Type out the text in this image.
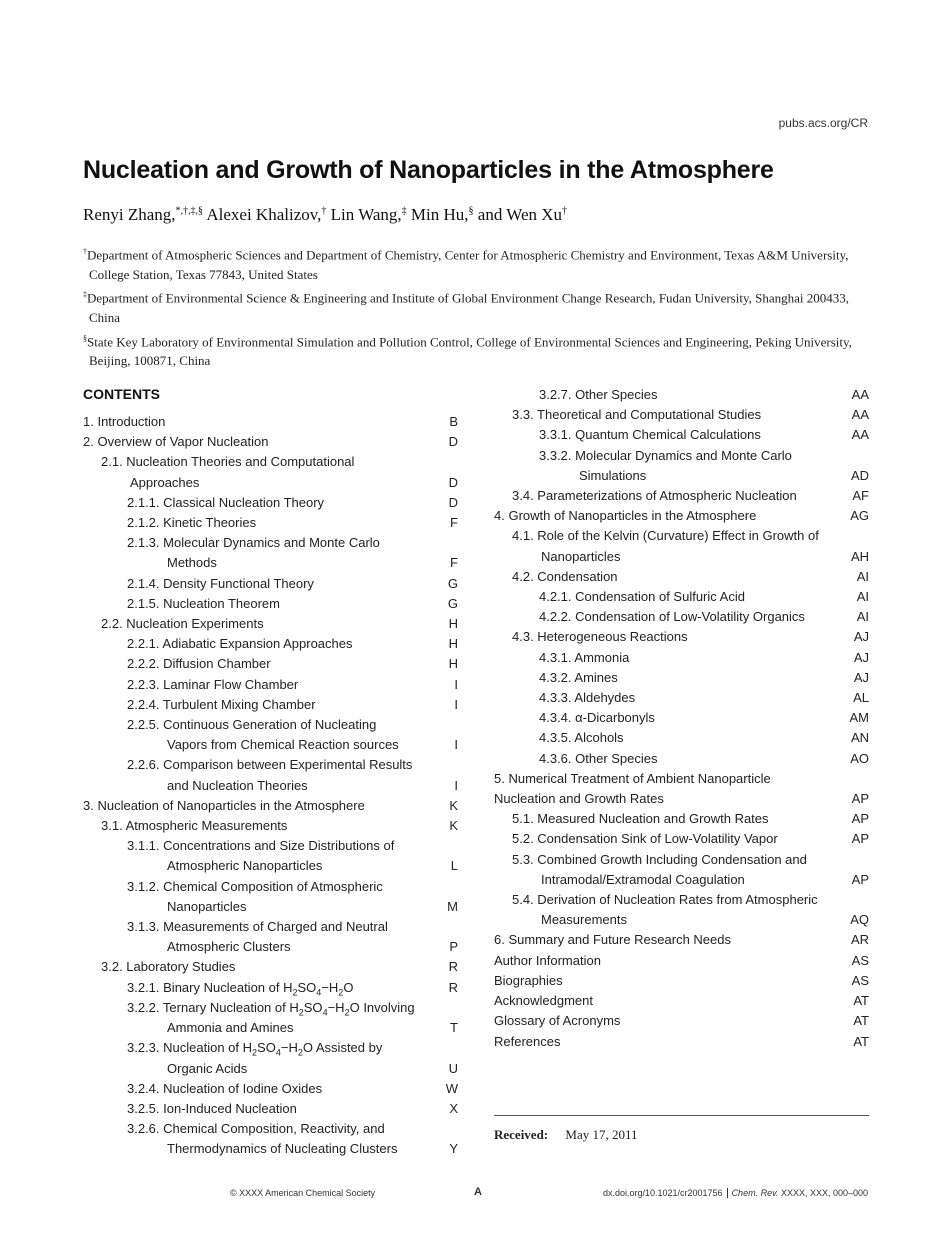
pubs.acs.org/CR
Nucleation and Growth of Nanoparticles in the Atmosphere
Renyi Zhang,*,†,‡,§ Alexei Khalizov,† Lin Wang,‡ Min Hu,§ and Wen Xu†
†Department of Atmospheric Sciences and Department of Chemistry, Center for Atmospheric Chemistry and Environment, Texas A&M University, College Station, Texas 77843, United States
‡Department of Environmental Science & Engineering and Institute of Global Environment Change Research, Fudan University, Shanghai 200433, China
§State Key Laboratory of Environmental Simulation and Pollution Control, College of Environmental Sciences and Engineering, Peking University, Beijing, 100871, China
CONTENTS
1. Introduction	B
2. Overview of Vapor Nucleation	D
2.1. Nucleation Theories and Computational Approaches	D
2.1.1. Classical Nucleation Theory	D
2.1.2. Kinetic Theories	F
2.1.3. Molecular Dynamics and Monte Carlo Methods	F
2.1.4. Density Functional Theory	G
2.1.5. Nucleation Theorem	G
2.2. Nucleation Experiments	H
2.2.1. Adiabatic Expansion Approaches	H
2.2.2. Diffusion Chamber	H
2.2.3. Laminar Flow Chamber	I
2.2.4. Turbulent Mixing Chamber	I
2.2.5. Continuous Generation of Nucleating Vapors from Chemical Reaction sources	I
2.2.6. Comparison between Experimental Results and Nucleation Theories	I
3. Nucleation of Nanoparticles in the Atmosphere	K
3.1. Atmospheric Measurements	K
3.1.1. Concentrations and Size Distributions of Atmospheric Nanoparticles	L
3.1.2. Chemical Composition of Atmospheric Nanoparticles	M
3.1.3. Measurements of Charged and Neutral Atmospheric Clusters	P
3.2. Laboratory Studies	R
3.2.1. Binary Nucleation of $H_2SO_4-H_2O$	R
3.2.2. Ternary Nucleation of $H_2SO_4-H_2O$ Involving Ammonia and Amines	T
3.2.3. Nucleation of $H_2SO_4-H_2O$ Assisted by Organic Acids	U
3.2.4. Nucleation of Iodine Oxides	W
3.2.5. Ion-Induced Nucleation	X
3.2.6. Chemical Composition, Reactivity, and Thermodynamics of Nucleating Clusters	Y
3.2.7. Other Species	AA
3.3. Theoretical and Computational Studies	AA
3.3.1. Quantum Chemical Calculations	AA
3.3.2. Molecular Dynamics and Monte Carlo Simulations	AD
3.4. Parameterizations of Atmospheric Nucleation	AF
4. Growth of Nanoparticles in the Atmosphere	AG
4.1. Role of the Kelvin (Curvature) Effect in Growth of Nanoparticles	AH
4.2. Condensation	AI
4.2.1. Condensation of Sulfuric Acid	AI
4.2.2. Condensation of Low-Volatility Organics	AI
4.3. Heterogeneous Reactions	AJ
4.3.1. Ammonia	AJ
4.3.2. Amines	AJ
4.3.3. Aldehydes	AL
4.3.4. α-Dicarbonyls	AM
4.3.5. Alcohols	AN
4.3.6. Other Species	AO
5. Numerical Treatment of Ambient Nanoparticle Nucleation and Growth Rates	AP
5.1. Measured Nucleation and Growth Rates	AP
5.2. Condensation Sink of Low-Volatility Vapor	AP
5.3. Combined Growth Including Condensation and Intramodal/Extramodal Coagulation	AP
5.4. Derivation of Nucleation Rates from Atmospheric Measurements	AQ
6. Summary and Future Research Needs	AR
Author Information	AS
Biographies	AS
Acknowledgment	AT
Glossary of Acronyms	AT
References	AT
Received: May 17, 2011
© XXXX American Chemical Society	A	dx.doi.org/10.1021/cr2001756 Chem. Rev. XXXX, XXX, 000–000
